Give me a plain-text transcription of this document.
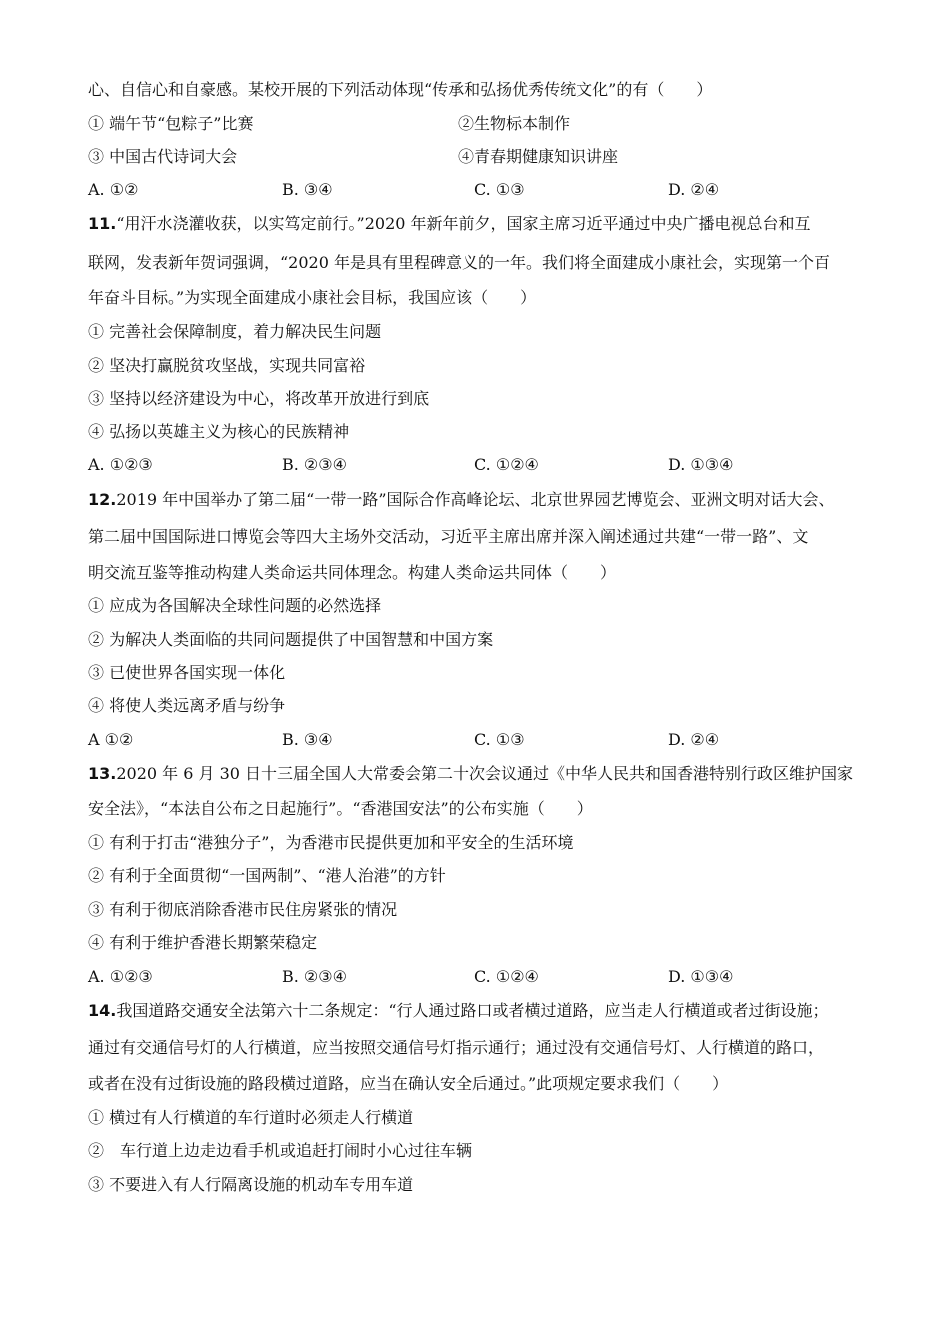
心、自信心和自豪感。某校开展的下列活动体现“传承和弘扬优秀传统文化”的有（　　）
① 端午节“包粽子”比赛	②生物标本制作
③ 中国古代诗词大会	④青春期健康知识讲座
A. ①②	B. ③④	C. ①③	D. ②④
11.“用汗水浇灌收获，以实笃定前行。”2020 年新年前夕，国家主席习近平通过中央广播电视总台和互
联网，发表新年贺词强调，“2020 年是具有里程碑意义的一年。我们将全面建成小康社会，实现第一个百
年奋斗目标。”为实现全面建成小康社会目标，我国应该（　　）
① 完善社会保障制度，着力解决民生问题
② 坚决打赢脱贫攻坚战，实现共同富裕
③ 坚持以经济建设为中心，将改革开放进行到底
④ 弘扬以英雄主义为核心的民族精神
A. ①②③	B. ②③④	C. ①②④	D. ①③④
12.2019 年中国举办了第二届“一带一路”国际合作高峰论坛、北京世界园艺博览会、亚洲文明对话大会、
第二届中国国际进口博览会等四大主场外交活动，习近平主席出席并深入阐述通过共建“一带一路”、文
明交流互鉴等推动构建人类命运共同体理念。构建人类命运共同体（　　）
① 应成为各国解决全球性问题的必然选择
② 为解决人类面临的共同问题提供了中国智慧和中国方案
③ 已使世界各国实现一体化
④ 将使人类远离矛盾与纷争
A ①②	B. ③④	C. ①③	D. ②④
13.2020 年 6 月 30 日十三届全国人大常委会第二十次会议通过《中华人民共和国香港特别行政区维护国家
安全法》，“本法自公布之日起施行”。“香港国安法”的公布实施（　　）
① 有利于打击“港独分子”，为香港市民提供更加和平安全的生活环境
② 有利于全面贯彻“一国两制”、“港人治港”的方针
③ 有利于彻底消除香港市民住房紧张的情况
④ 有利于维护香港长期繁荣稳定
A. ①②③	B. ②③④	C. ①②④	D. ①③④
14.我国道路交通安全法第六十二条规定：“行人通过路口或者横过道路，应当走人行横道或者过街设施；
通过有交通信号灯的人行横道，应当按照交通信号灯指示通行；通过没有交通信号灯、人行横道的路口，
或者在没有过街设施的路段横过道路，应当在确认安全后通过。”此项规定要求我们（　　）
① 横过有人行横道的车行道时必须走人行横道
②　车行道上边走边看手机或追赶打闹时小心过往车辆
③ 不要进入有人行隔离设施的机动车专用车道
